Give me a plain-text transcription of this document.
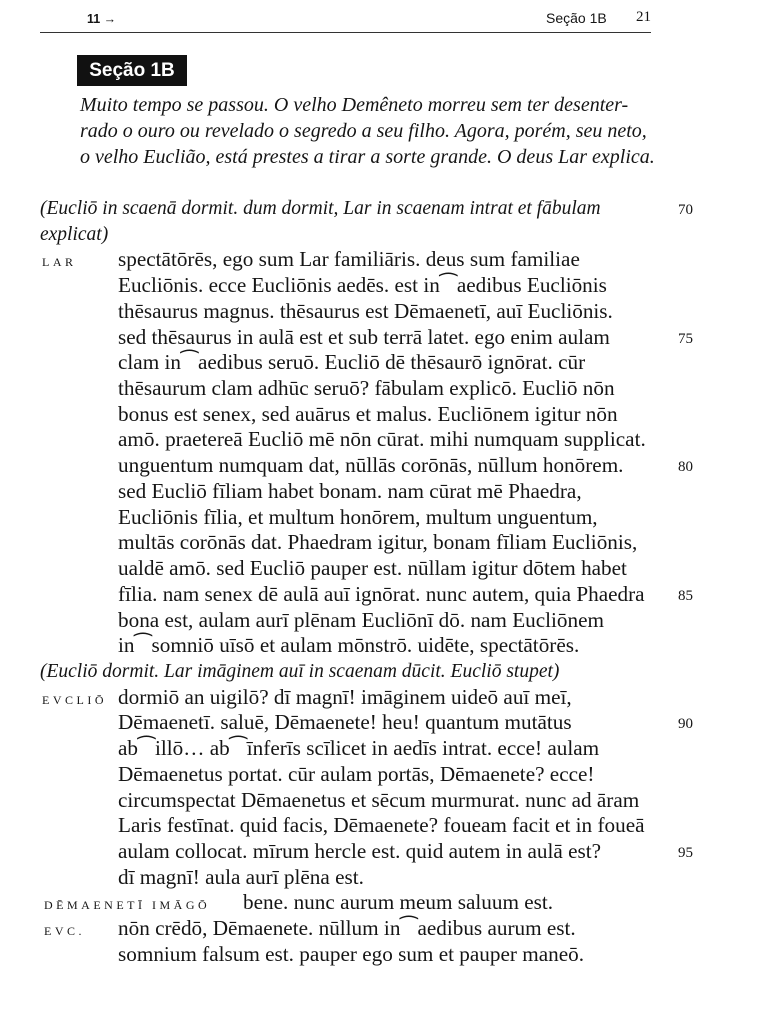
11 →	Seção 1B 21
Seção 1B
Muito tempo se passou. O velho Demêneto morreu sem ter desenter-
rado o ouro ou revelado o segredo a seu filho. Agora, porém, seu neto,
o velho Euclião, está prestes a tirar a sorte grande. O deus Lar explica.
(Eucliō in scaenā dormit. dum dormit, Lar in scaenam intrat et fābulam	70
explicat)
LAR spectātōrēs, ego sum Lar familiāris. deus sum familiae
Eucliōnis. ecce Eucliōnis aedēs. est in⁀aedibus Eucliōnis
thēsaurus magnus. thēsaurus est Dēmaenetī, auī Eucliōnis.
sed thēsaurus in aulā est et sub terrā latet. ego enim aulam	75
clam in⁀aedibus seruō. Eucliō dē thēsaurō ignōrat. cūr
thēsaurum clam adhūc seruō? fābulam explicō. Eucliō nōn
bonus est senex, sed auārus et malus. Eucliōnem igitur nōn
amō. praetereā Eucliō mē nōn cūrat. mihi numquam supplicat.
unguentum numquam dat, nūllās corōnās, nūllum honōrem.	80
sed Eucliō fīliam habet bonam. nam cūrat mē Phaedra,
Eucliōnis fīlia, et multum honōrem, multum unguentum,
multās corōnās dat. Phaedram igitur, bonam fīliam Eucliōnis,
ualdē amō. sed Eucliō pauper est. nūllam igitur dōtem habet
fīlia. nam senex dē aulā auī ignōrat. nunc autem, quia Phaedra 85
bona est, aulam aurī plēnam Eucliōnī dō. nam Eucliōnem
in⁀somniō uīsō et aulam mōnstrō. uidēte, spectātōrēs.
(Eucliō dormit. Lar imāginem auī in scaenam dūcit. Eucliō stupet)
EVCLIŌ dormiō an uigilō? dī magnī! imāginem uideō auī meī,
Dēmaenetī. saluē, Dēmaenete! heu! quantum mutātus	90
ab⁀illō… ab⁀īnferīs scīlicet in aedīs intrat. ecce! aulam
Dēmaenetus portat. cūr aulam portās, Dēmaenete? ecce!
circumspectat Dēmaenetus et sēcum murmurat. nunc ad āram
Laris festīnat. quid facis, Dēmaenete? foueam facit et in foueā
aulam collocat. mīrum hercle est. quid autem in aulā est?	95
dī magnī! aula aurī plēna est.
DĒMAENETĪ IMĀGŌ bene. nunc aurum meum saluum est.
EVC. nōn crēdō, Dēmaenete. nūllum in⁀aedibus aurum est.
somnium falsum est. pauper ego sum et pauper maneō.
